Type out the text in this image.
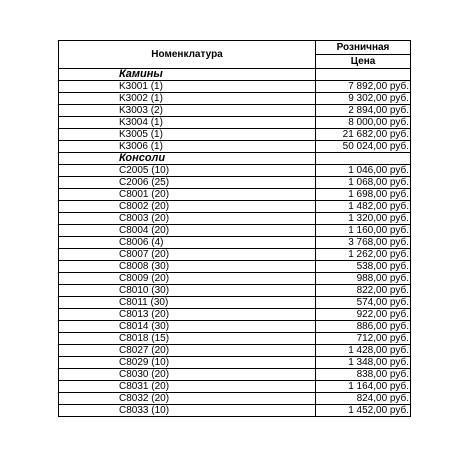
Номенклатура	Розничная
	Цена
Камины	
K3001 (1)	7 892,00 руб.
K3002 (1)	9 302,00 руб.
K3003 (2)	2 894,00 руб.
K3004 (1)	8 000,00 руб.
K3005 (1)	21 682,00 руб.
K3006 (1)	50 024,00 руб.
Консоли	
C2005 (10)	1 046,00 руб.
C2006 (25)	1 068,00 руб.
C8001 (20)	1 698,00 руб.
C8002 (20)	1 482,00 руб.
C8003 (20)	1 320,00 руб.
C8004 (20)	1 160,00 руб.
C8006 (4)	3 768,00 руб.
C8007 (20)	1 262,00 руб.
C8008 (30)	538,00 руб.
C8009 (20)	988,00 руб.
C8010 (30)	822,00 руб.
C8011 (30)	574,00 руб.
C8013 (20)	922,00 руб.
C8014 (30)	886,00 руб.
C8018 (15)	712,00 руб.
C8027 (20)	1 428,00 руб.
C8029 (10)	1 348,00 руб.
C8030 (20)	838,00 руб.
C8031 (20)	1 164,00 руб.
C8032 (20)	824,00 руб.
C8033 (10)	1 452,00 руб.
